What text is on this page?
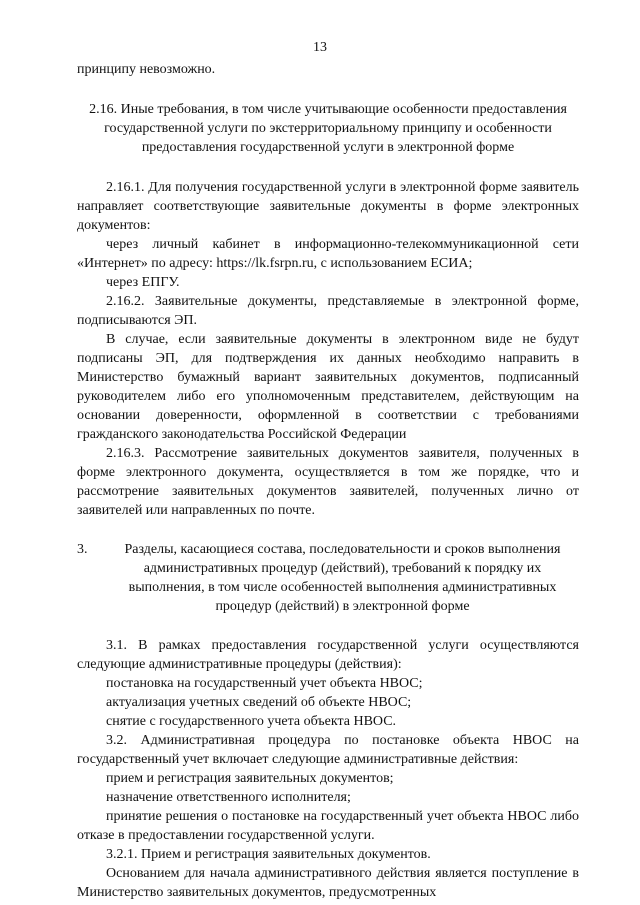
13

принципу невозможно.

2.16. Иные требования, в том числе учитывающие особенности предоставления государственной услуги по экстерриториальному принципу и особенности предоставления государственной услуги в электронной форме

2.16.1. Для получения государственной услуги в электронной форме заявитель направляет соответствующие заявительные документы в форме электронных документов:

через личный кабинет в информационно-телекоммуникационной сети «Интернет» по адресу: https://lk.fsrpn.ru, с использованием ЕСИА;

через ЕПГУ.

2.16.2. Заявительные документы, представляемые в электронной форме, подписываются ЭП.

В случае, если заявительные документы в электронном виде не будут подписаны ЭП, для подтверждения их данных необходимо направить в Министерство бумажный вариант заявительных документов, подписанный руководителем либо его уполномоченным представителем, действующим на основании доверенности, оформленной в соответствии с требованиями гражданского законодательства Российской Федерации

2.16.3. Рассмотрение заявительных документов заявителя, полученных в форме электронного документа, осуществляется в том же порядке, что и рассмотрение заявительных документов заявителей, полученных лично от заявителей или направленных по почте.

3.	Разделы, касающиеся состава, последовательности и сроков выполнения административных процедур (действий), требований к порядку их выполнения, в том числе особенностей выполнения административных процедур (действий) в электронной форме

3.1. В рамках предоставления государственной услуги осуществляются следующие административные процедуры (действия):

постановка на государственный учет объекта НВОС;

актуализация учетных сведений об объекте НВОС;

снятие с государственного учета объекта НВОС.

3.2. Административная процедура по постановке объекта НВОС на государственный учет включает следующие административные действия:

прием и регистрация заявительных документов;

назначение ответственного исполнителя;

принятие решения о постановке на государственный учет объекта НВОС либо отказе в предоставлении государственной услуги.

3.2.1. Прием и регистрация заявительных документов.

Основанием для начала административного действия является поступление в Министерство заявительных документов, предусмотренных
